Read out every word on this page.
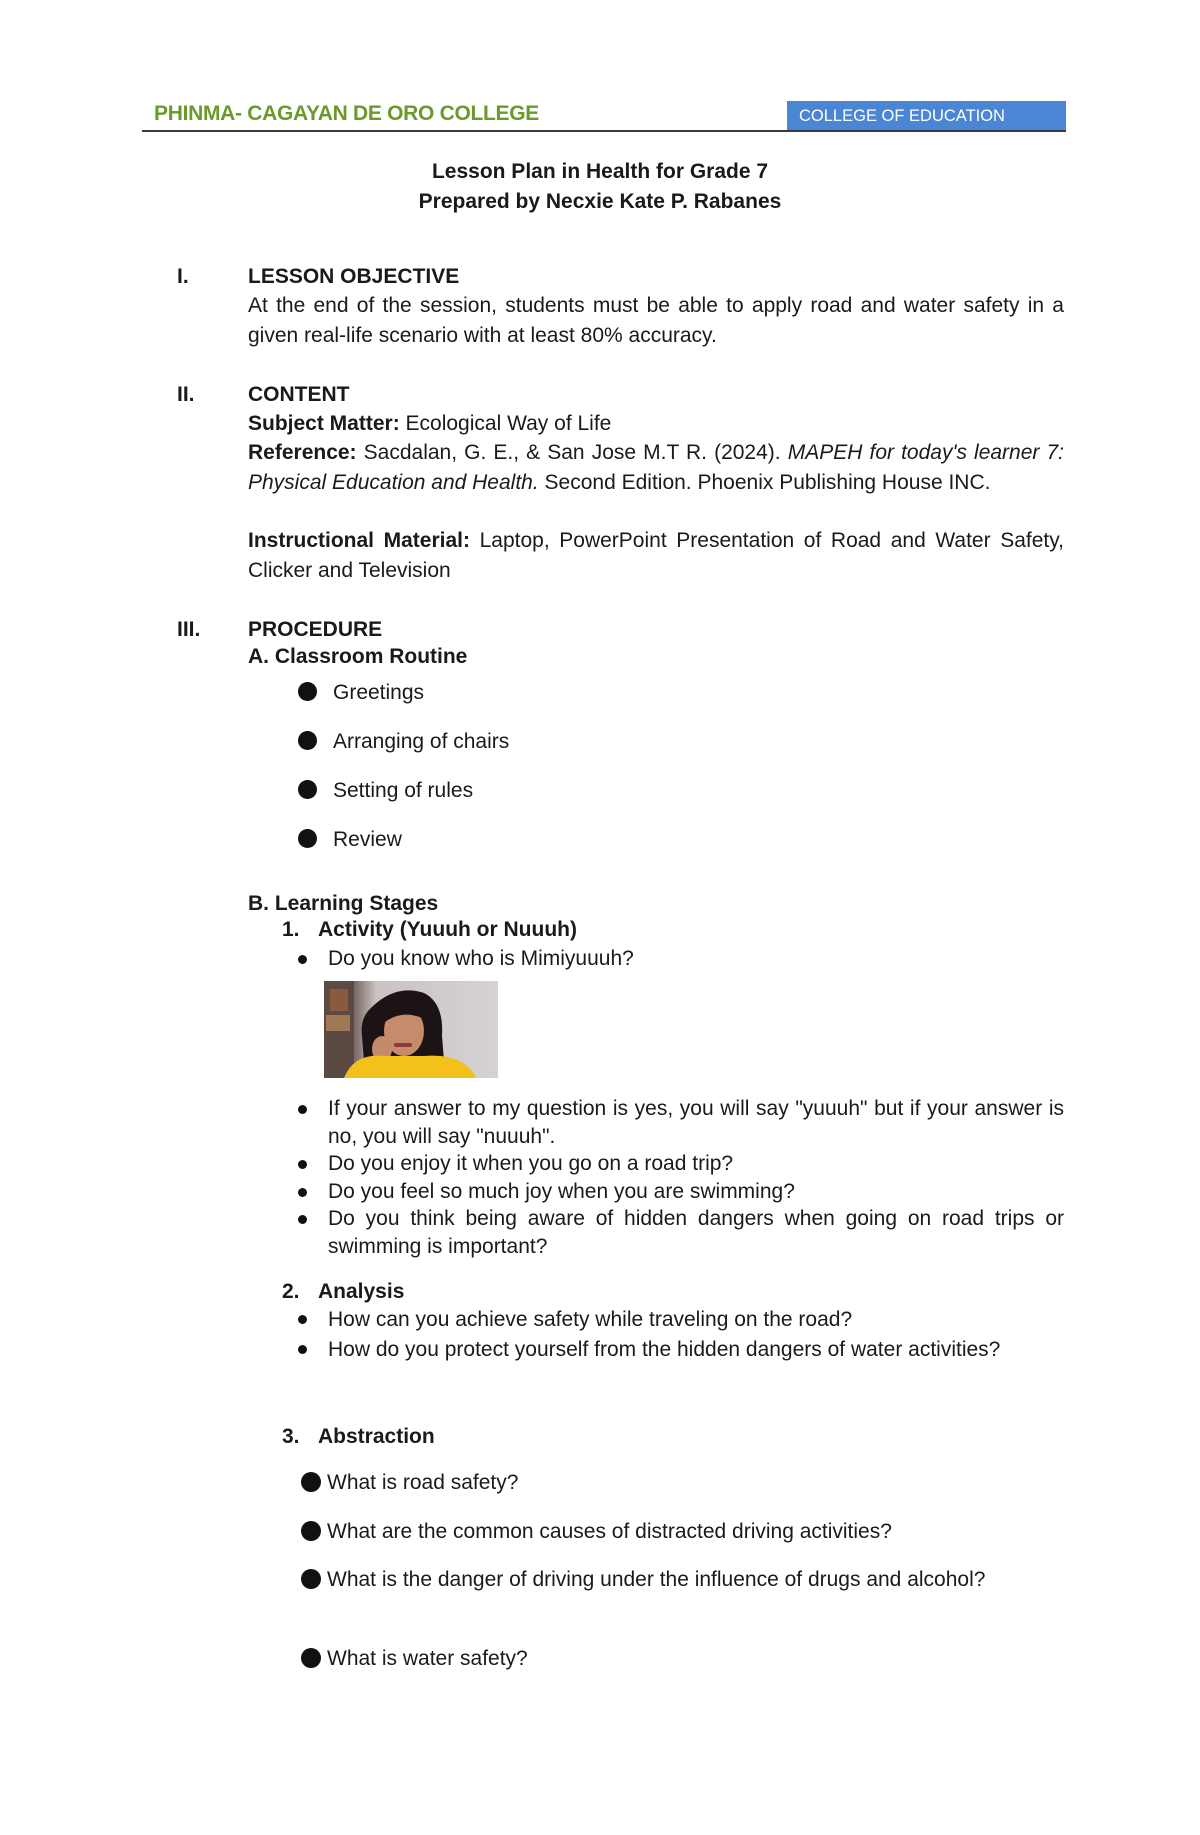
PHINMA- CAGAYAN DE ORO COLLEGE	COLLEGE OF EDUCATION
Lesson Plan in Health for Grade 7
Prepared by Necxie Kate P. Rabanes
I.	LESSON OBJECTIVE
At the end of the session, students must be able to apply road and water safety in a given real-life scenario with at least 80% accuracy.
II.	CONTENT
Subject Matter: Ecological Way of Life
Reference: Sacdalan, G. E., & San Jose M.T R. (2024). MAPEH for today's learner 7: Physical Education and Health. Second Edition. Phoenix Publishing House INC.
Instructional Material: Laptop, PowerPoint Presentation of Road and Water Safety, Clicker and Television
III. PROCEDURE
A. Classroom Routine
Greetings
Arranging of chairs
Setting of rules
Review
B. Learning Stages
1. Activity (Yuuuh or Nuuuh)
Do you know who is Mimiyuuuh?
If your answer to my question is yes, you will say "yuuuh" but if your answer is no, you will say "nuuuh".
Do you enjoy it when you go on a road trip?
Do you feel so much joy when you are swimming?
Do you think being aware of hidden dangers when going on road trips or swimming is important?
2. Analysis
How can you achieve safety while traveling on the road?
How do you protect yourself from the hidden dangers of water activities?
3. Abstraction
What is road safety?
What are the common causes of distracted driving activities?
What is the danger of driving under the influence of drugs and alcohol?
What is water safety?
